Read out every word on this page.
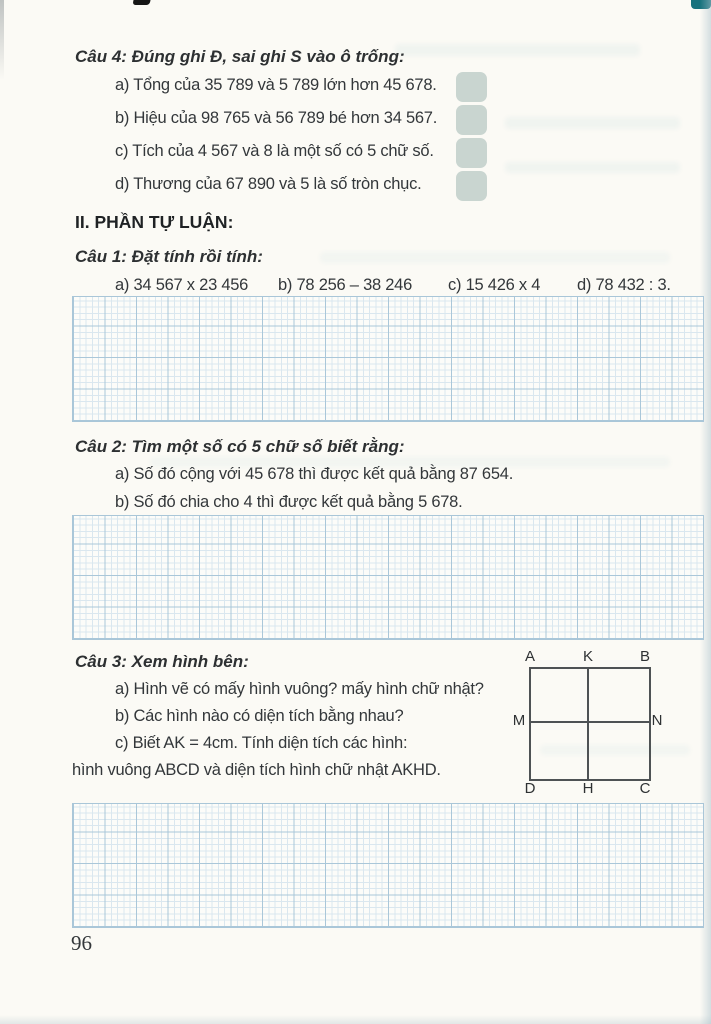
Câu 4: Đúng ghi Đ, sai ghi S vào ô trống:
a) Tổng của 35 789 và 5 789 lớn hơn 45 678.
b) Hiệu của 98 765 và 56 789 bé hơn 34 567.
c) Tích của 4 567 và 8 là một số có 5 chữ số.
d) Thương của 67 890 và 5 là số tròn chục.
II. PHẦN TỰ LUẬN:
Câu 1: Đặt tính rồi tính:
a) 34 567 x 23 456 b) 78 256 – 38 246 c) 15 426 x 4 d) 78 432 : 3.
Câu 2: Tìm một số có 5 chữ số biết rằng:
a) Số đó cộng với 45 678 thì được kết quả bằng 87 654.
b) Số đó chia cho 4 thì được kết quả bằng 5 678.
Câu 3: Xem hình bên:
a) Hình vẽ có mấy hình vuông? mấy hình chữ nhật?
b) Các hình nào có diện tích bằng nhau?
c) Biết AK = 4cm. Tính diện tích các hình:
hình vuông ABCD và diện tích hình chữ nhật AKHD.
A	K	B
M	N
D	H	C
96
